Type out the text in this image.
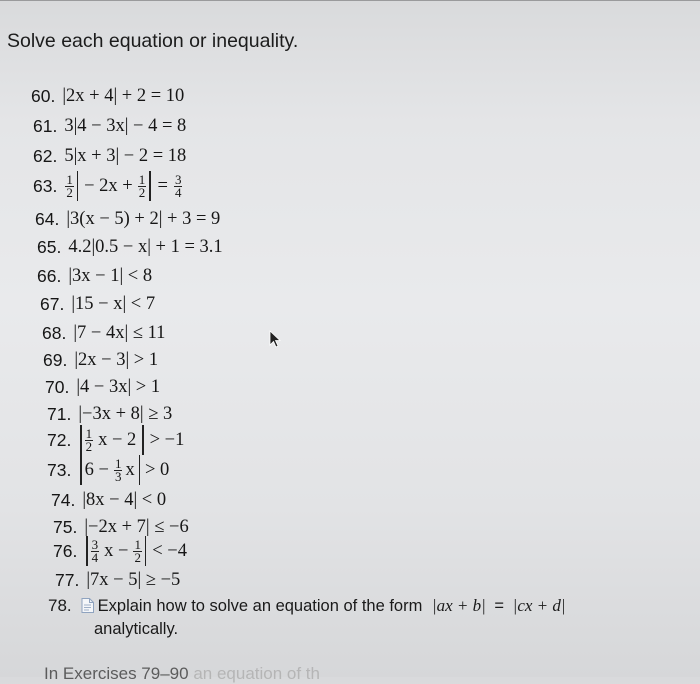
Solve each equation or inequality.
60. |2x + 4| + 2 = 10
61. 3|4 − 3x| − 4 = 8
62. 5|x + 3| − 2 = 18
63. $\frac{1}{2} - 2x + \frac{1}{2} = \frac{3}{4}$
64. |3(x − 5) + 2| + 3 = 9
65. 4.2|0.5 − x| + 1 = 3.1
66. |3x − 1| < 8
67. |15 − x| < 7
68. |7 − 4x| ≤ 11
69. |2x − 3| > 1
70. |4 − 3x| > 1
71. |−3x + 8| ≥ 3
72. $\frac{1}{2}$ x − 2 > −1
73. $6 - \frac{1}{3}$ x > 0
74. |8x − 4| < 0
75. |−2x + 7| ≤ −6
76. $\frac{3}{4}$ $x - \frac{1}{2} < -4$
77. |7x − 5| ≥ −5
78. Explain how to solve an equation of the form |ax + b| = |cx + d|
analytically.
In Exercises 79–90 an equation of th
